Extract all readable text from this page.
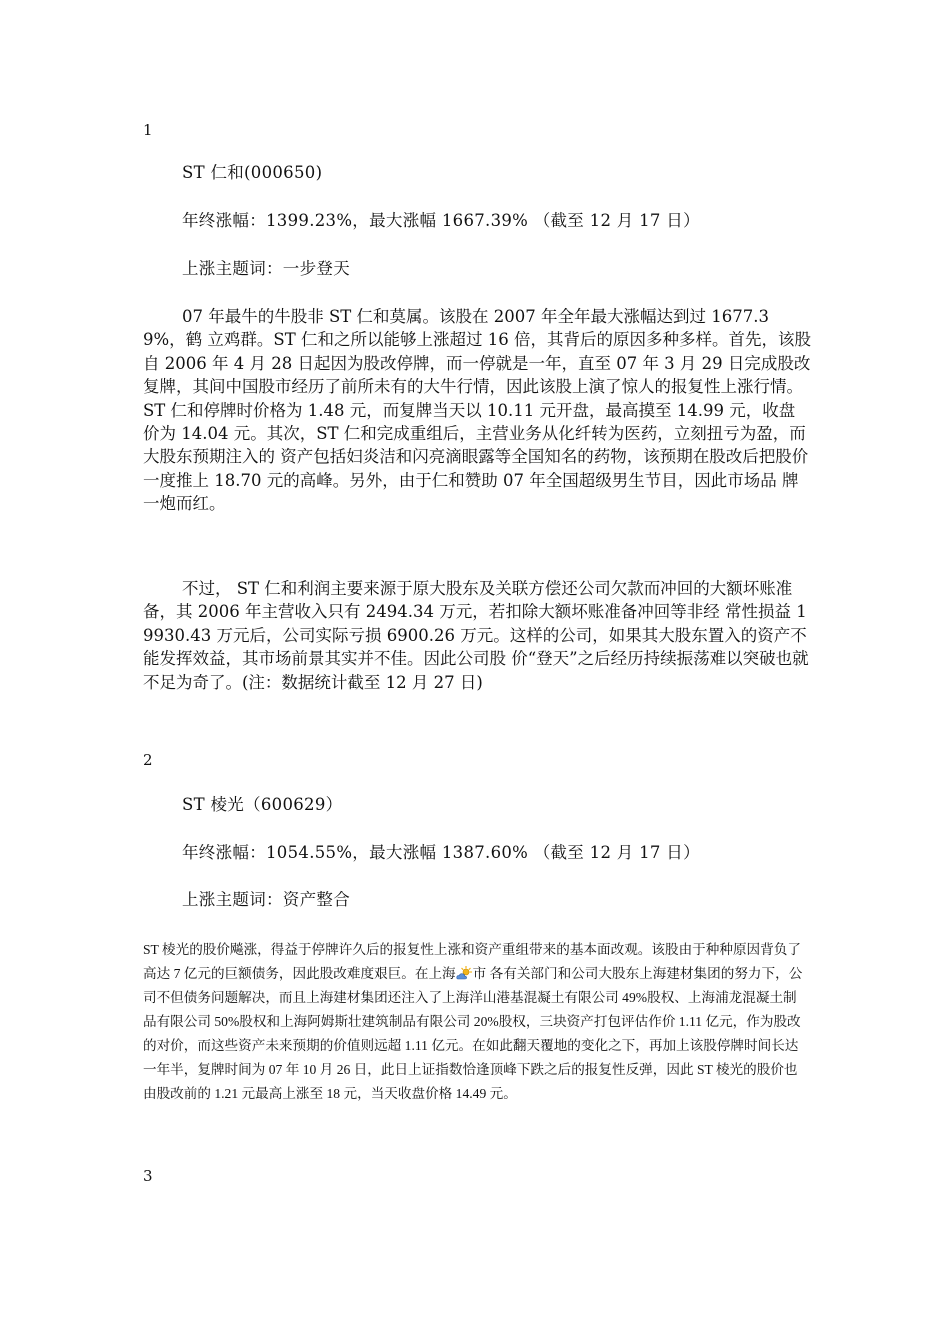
1
ST 仁和(000650)
年终涨幅：1399.23%，最大涨幅 1667.39% （截至 12 月 17 日）
上涨主题词：一步登天

07 年最牛的牛股非 ST 仁和莫属。该股在 2007 年全年最大涨幅达到过 1677.39%，鹤 立鸡群。ST 仁和之所以能够上涨超过 16 倍，其背后的原因多种多样。首先，该股自 2006 年 4 月 28 日起因为股改停牌，而一停就是一年，直至 07 年 3 月 29 日完成股改复牌，其间中国股市经历了前所未有的大牛行情，因此该股上演了惊人的报复性上涨行情。ST 仁和停牌时价格为 1.48 元，而复牌当天以 10.11 元开盘，最高摸至 14.99 元，收盘价为 14.04 元。其次，ST 仁和完成重组后，主营业务从化纤转为医药，立刻扭亏为盈，而大股东预期注入的 资产包括妇炎洁和闪亮滴眼露等全国知名的药物，该预期在股改后把股价一度推上 18.70 元的高峰。另外，由于仁和赞助 07 年全国超级男生节目，因此市场品 牌一炮而红。

不过， ST 仁和利润主要来源于原大股东及关联方偿还公司欠款而冲回的大额坏账准备，其 2006 年主营收入只有 2494.34 万元，若扣除大额坏账准备冲回等非经 常性损益 19930.43 万元后，公司实际亏损 6900.26 万元。这样的公司，如果其大股东置入的资产不能发挥效益，其市场前景其实并不佳。因此公司股 价“登天”之后经历持续振荡难以突破也就不足为奇了。(注：数据统计截至 12 月 27 日)

2
ST 棱光（600629）
年终涨幅：1054.55%，最大涨幅 1387.60% （截至 12 月 17 日）
上涨主题词：资产整合

ST 棱光的股价飚涨，得益于停牌许久后的报复性上涨和资产重组带来的基本面改观。该股由于种种原因背负了高达 7 亿元的巨额债务，因此股改难度艰巨。在上海 市 各有关部门和公司大股东上海建材集团的努力下，公司不但债务问题解决，而且上海建材集团还注入了上海洋山港基混凝土有限公司 49%股权、上海浦龙混凝土制 品有限公司 50%股权和上海阿姆斯壮建筑制品有限公司 20%股权，三块资产打包评估作价 1.11 亿元，作为股改的对价，而这些资产未来预期的价值则远超 1.11 亿元。在如此翻天覆地的变化之下，再加上该股停牌时间长达一年半，复牌时间为 07 年 10 月 26 日，此日上证指数恰逢顶峰下跌之后的报复性反弹，因此 ST 棱光的股价也由股改前的 1.21 元最高上涨至 18 元，当天收盘价格 14.49 元。

3
